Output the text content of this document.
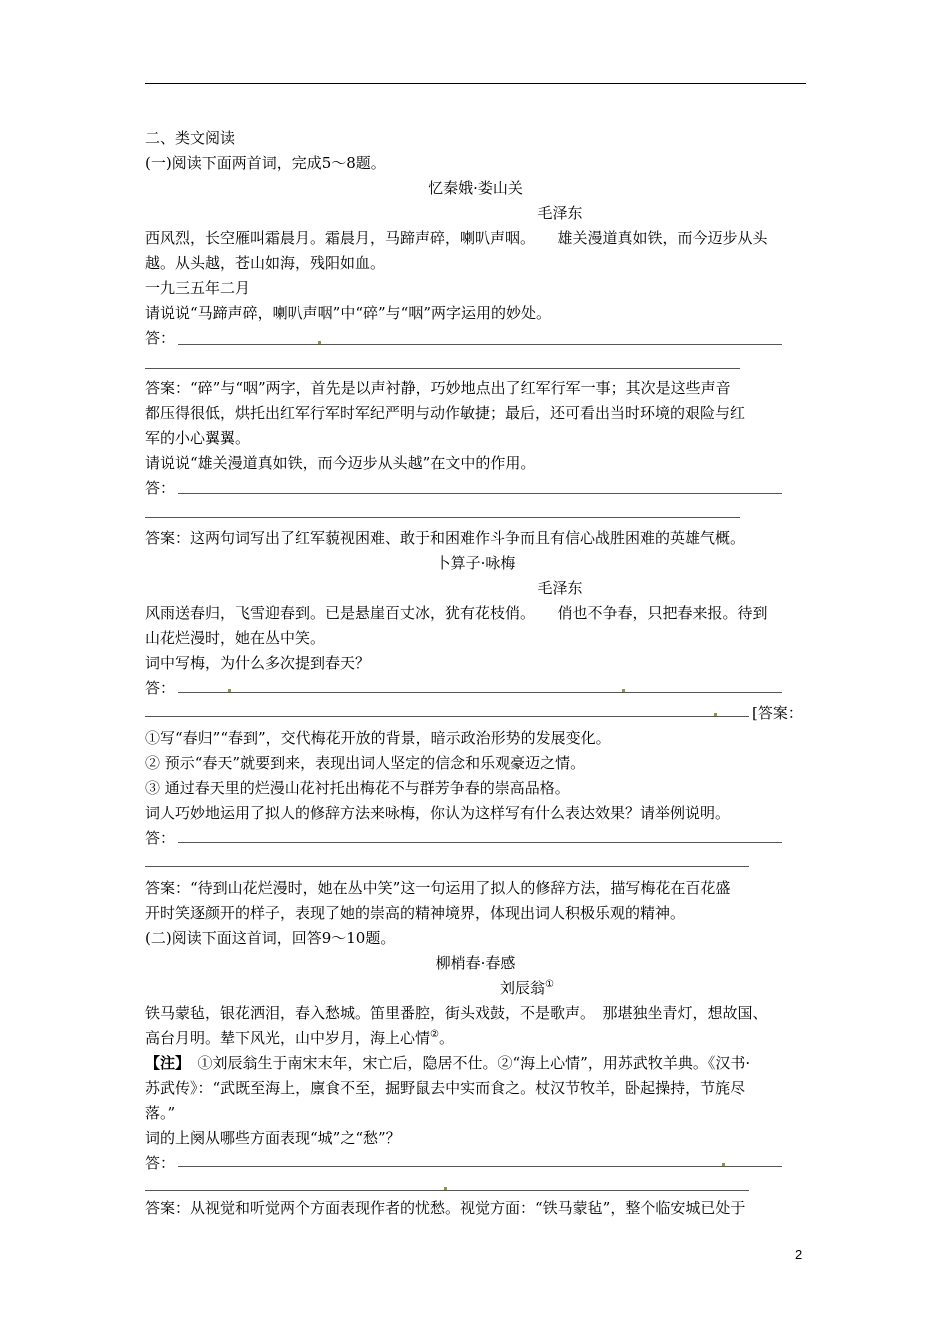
二、类文阅读
(一)阅读下面两首词，完成5～8题。
忆秦娥·娄山关
毛泽东
西风烈，长空雁叫霜晨月。霜晨月，马蹄声碎，喇叭声咽。　　雄关漫道真如铁，而今迈步从头
越。从头越，苍山如海，残阳如血。
一九三五年二月
请说说“马蹄声碎，喇叭声咽”中“碎”与“咽”两字运用的妙处。
答：
答案：“碎”与“咽”两字，首先是以声衬静，巧妙地点出了红军行军一事；其次是这些声音
都压得很低，烘托出红军行军时军纪严明与动作敏捷；最后，还可看出当时环境的艰险与红
军的小心翼翼。
请说说“雄关漫道真如铁，而今迈步从头越”在文中的作用。
答：
答案：这两句词写出了红军藐视困难、敢于和困难作斗争而且有信心战胜困难的英雄气概。
卜算子·咏梅
毛泽东
风雨送春归，飞雪迎春到。已是悬崖百丈冰，犹有花枝俏。　　俏也不争春，只把春来报。待到
山花烂漫时，她在丛中笑。
词中写梅，为什么多次提到春天？
答：
[答案：
①写“春归”“春到”，交代梅花开放的背景，暗示政治形势的发展变化。
② 预示“春天”就要到来，表现出词人坚定的信念和乐观豪迈之情。
③ 通过春天里的烂漫山花衬托出梅花不与群芳争春的崇高品格。
词人巧妙地运用了拟人的修辞方法来咏梅，你认为这样写有什么表达效果？请举例说明。
答：
答案：“待到山花烂漫时，她在丛中笑”这一句运用了拟人的修辞方法，描写梅花在百花盛
开时笑逐颜开的样子，表现了她的崇高的精神境界，体现出词人积极乐观的精神。
(二)阅读下面这首词，回答9～10题。
柳梢春·春感
刘辰翁①
铁马蒙毡，银花洒泪，春入愁城。笛里番腔，街头戏鼓，不是歌声。　那堪独坐青灯，想故国、
高台月明。辇下风光，山中岁月，海上心情②。
【注】　①刘辰翁生于南宋末年，宋亡后，隐居不仕。②“海上心情”，用苏武牧羊典。《汉书·
苏武传》：“武既至海上，廪食不至，掘野鼠去中实而食之。杖汉节牧羊，卧起操持，节旄尽
落。”
词的上阕从哪些方面表现“城”之“愁”？
答：
答案：从视觉和听觉两个方面表现作者的忧愁。视觉方面：“铁马蒙毡”，整个临安城已处于
2
